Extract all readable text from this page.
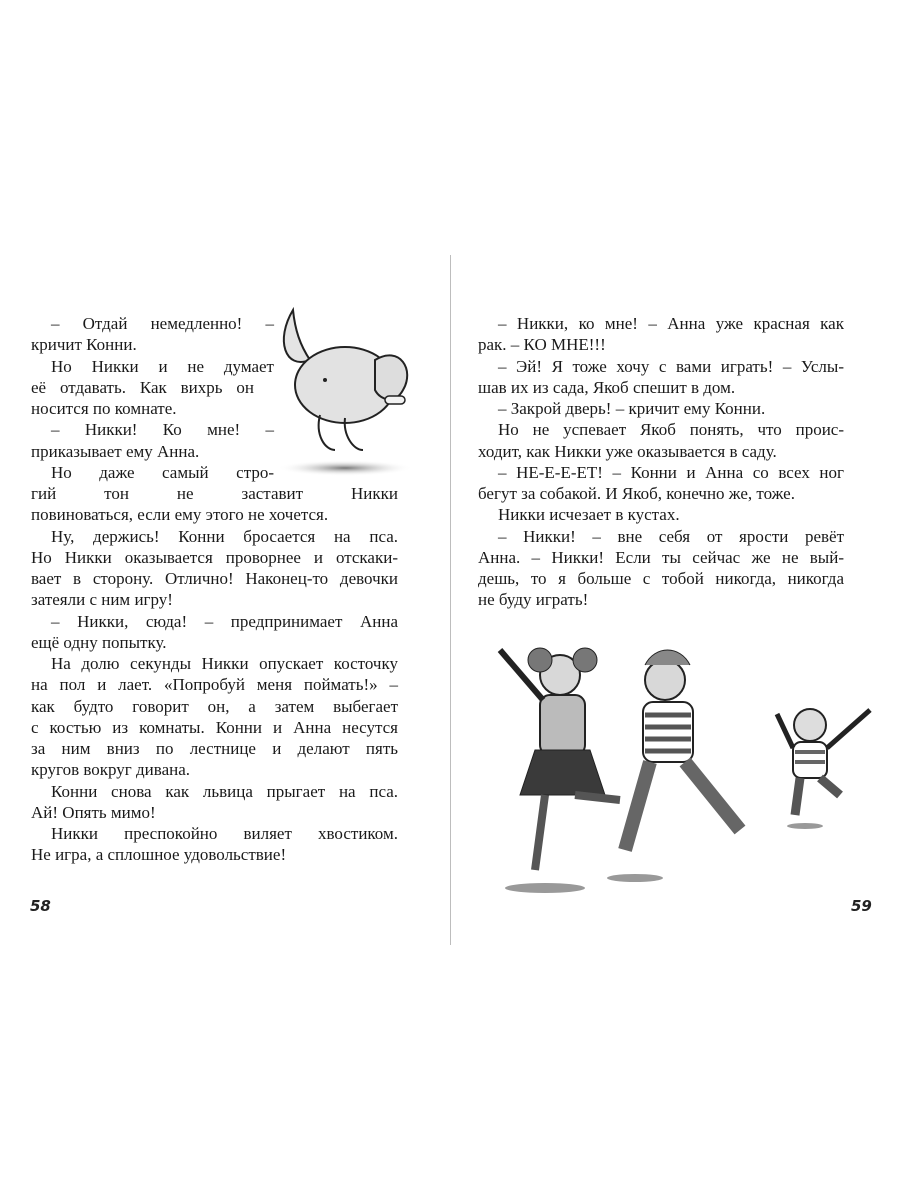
– Отдай немедленно! –
кричит Конни.
Но Никки и не думает
её отдавать. Как вихрь он
носится по комнате.
– Никки! Ко мне! –
приказывает ему Анна.
Но даже самый стро-
гий тон не заставит Никки
повиноваться, если ему этого не хочется.
Ну, держись! Конни бросается на пса.
Но Никки оказывается проворнее и отскаки-
вает в сторону. Отлично! Наконец-то девочки
затеяли с ним игру!
– Никки, сюда! – предпринимает Анна
ещё одну попытку.
На долю секунды Никки опускает косточку
на пол и лает. «Попробуй меня поймать!» –
как будто говорит он, а затем выбегает
с костью из комнаты. Конни и Анна несутся
за ним вниз по лестнице и делают пять
кругов вокруг дивана.
Конни снова как львица прыгает на пса.
Ай! Опять мимо!
Никки преспокойно виляет хвостиком.
Не игра, а сплошное удовольствие!
– Никки, ко мне! – Анна уже красная как
рак. – КО МНЕ!!!
– Эй! Я тоже хочу с вами играть! – Услы-
шав их из сада, Якоб спешит в дом.
– Закрой дверь! – кричит ему Конни.
Но не успевает Якоб понять, что проис-
ходит, как Никки уже оказывается в саду.
– НЕ-Е-Е-ЕТ! – Конни и Анна со всех ног
бегут за собакой. И Якоб, конечно же, тоже.
Никки исчезает в кустах.
– Никки! – вне себя от ярости ревёт
Анна. – Никки! Если ты сейчас же не вый-
дешь, то я больше с тобой никогда, никогда
не буду играть!
58	59
